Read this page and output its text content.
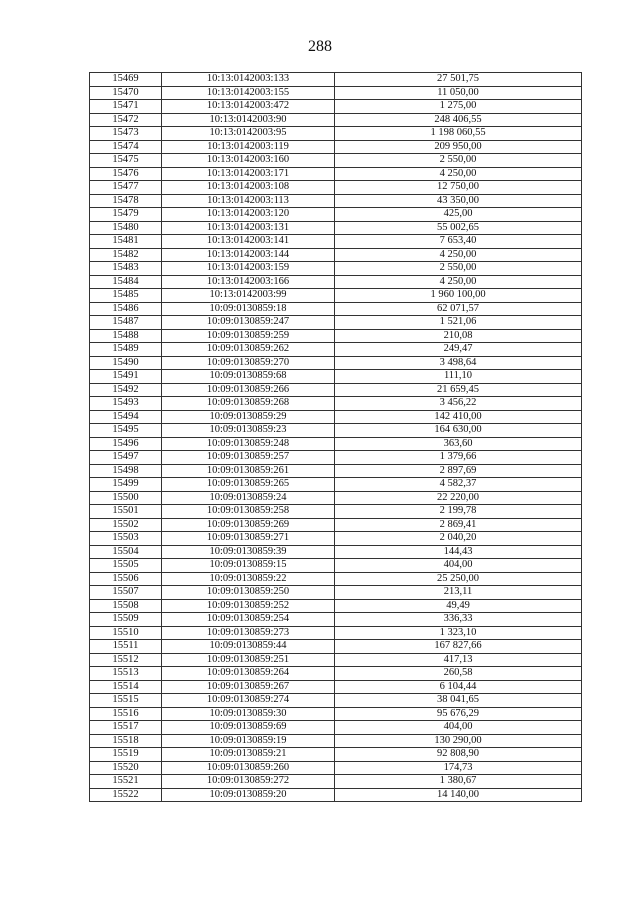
288
15469	10:13:0142003:133	27 501,75
15470	10:13:0142003:155	11 050,00
15471	10:13:0142003:472	1 275,00
15472	10:13:0142003:90	248 406,55
15473	10:13:0142003:95	1 198 060,55
15474	10:13:0142003:119	209 950,00
15475	10:13:0142003:160	2 550,00
15476	10:13:0142003:171	4 250,00
15477	10:13:0142003:108	12 750,00
15478	10:13:0142003:113	43 350,00
15479	10:13:0142003:120	425,00
15480	10:13:0142003:131	55 002,65
15481	10:13:0142003:141	7 653,40
15482	10:13:0142003:144	4 250,00
15483	10:13:0142003:159	2 550,00
15484	10:13:0142003:166	4 250,00
15485	10:13:0142003:99	1 960 100,00
15486	10:09:0130859:18	62 071,57
15487	10:09:0130859:247	1 521,06
15488	10:09:0130859:259	210,08
15489	10:09:0130859:262	249,47
15490	10:09:0130859:270	3 498,64
15491	10:09:0130859:68	111,10
15492	10:09:0130859:266	21 659,45
15493	10:09:0130859:268	3 456,22
15494	10:09:0130859:29	142 410,00
15495	10:09:0130859:23	164 630,00
15496	10:09:0130859:248	363,60
15497	10:09:0130859:257	1 379,66
15498	10:09:0130859:261	2 897,69
15499	10:09:0130859:265	4 582,37
15500	10:09:0130859:24	22 220,00
15501	10:09:0130859:258	2 199,78
15502	10:09:0130859:269	2 869,41
15503	10:09:0130859:271	2 040,20
15504	10:09:0130859:39	144,43
15505	10:09:0130859:15	404,00
15506	10:09:0130859:22	25 250,00
15507	10:09:0130859:250	213,11
15508	10:09:0130859:252	49,49
15509	10:09:0130859:254	336,33
15510	10:09:0130859:273	1 323,10
15511	10:09:0130859:44	167 827,66
15512	10:09:0130859:251	417,13
15513	10:09:0130859:264	260,58
15514	10:09:0130859:267	6 104,44
15515	10:09:0130859:274	38 041,65
15516	10:09:0130859:30	95 676,29
15517	10:09:0130859:69	404,00
15518	10:09:0130859:19	130 290,00
15519	10:09:0130859:21	92 808,90
15520	10:09:0130859:260	174,73
15521	10:09:0130859:272	1 380,67
15522	10:09:0130859:20	14 140,00
